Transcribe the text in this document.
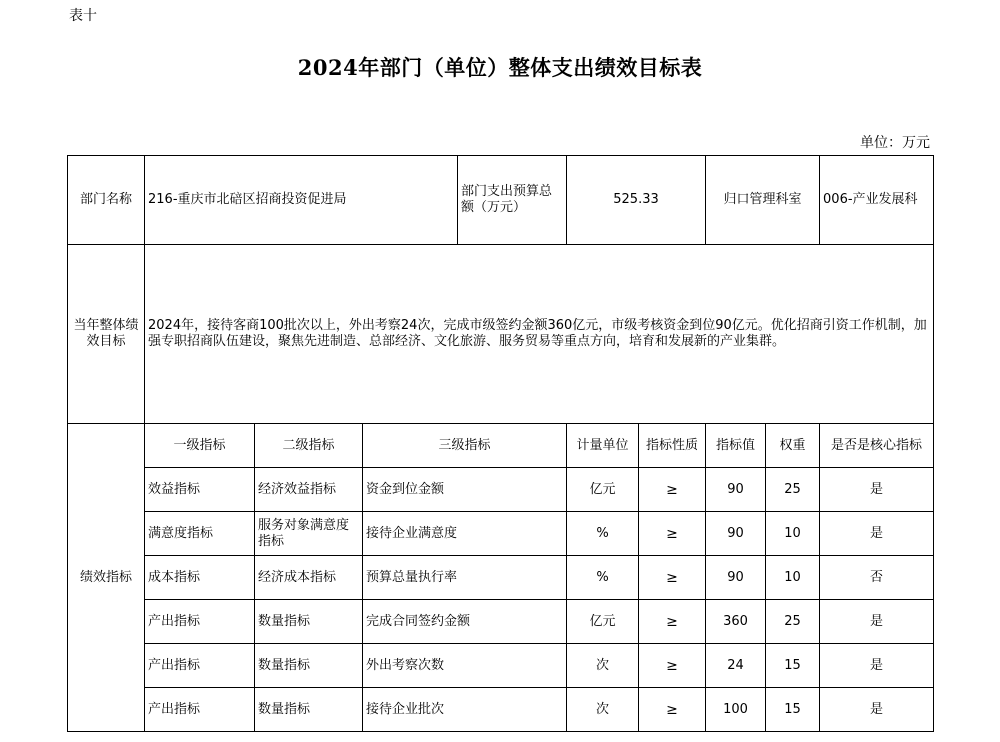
表十
2024年部门（单位）整体支出绩效目标表
单位：万元
部门名称	216-重庆市北碚区招商投资促进局			部门支出预算总额（万元）	525.33		归口管理科室		006-产业发展科
当年整体绩效目标	2024年，接待客商100批次以上，外出考察24次，完成市级签约金额360亿元，市级考核资金到位90亿元。优化招商引资工作机制，加强专职招商队伍建设，聚焦先进制造、总部经济、文化旅游、服务贸易等重点方向，培育和发展新的产业集群。								
绩效指标	一级指标	二级指标	三级指标		计量单位	指标性质	指标值	权重	是否是核心指标
	效益指标	经济效益指标	资金到位金额		亿元	≥	90	25	是
	满意度指标	服务对象满意度指标	接待企业满意度		%	≥	90	10	是
	成本指标	经济成本指标	预算总量执行率		%	≥	90	10	否
	产出指标	数量指标	完成合同签约金额		亿元	≥	360	25	是
	产出指标	数量指标	外出考察次数		次	≥	24	15	是
	产出指标	数量指标	接待企业批次		次	≥	100	15	是
